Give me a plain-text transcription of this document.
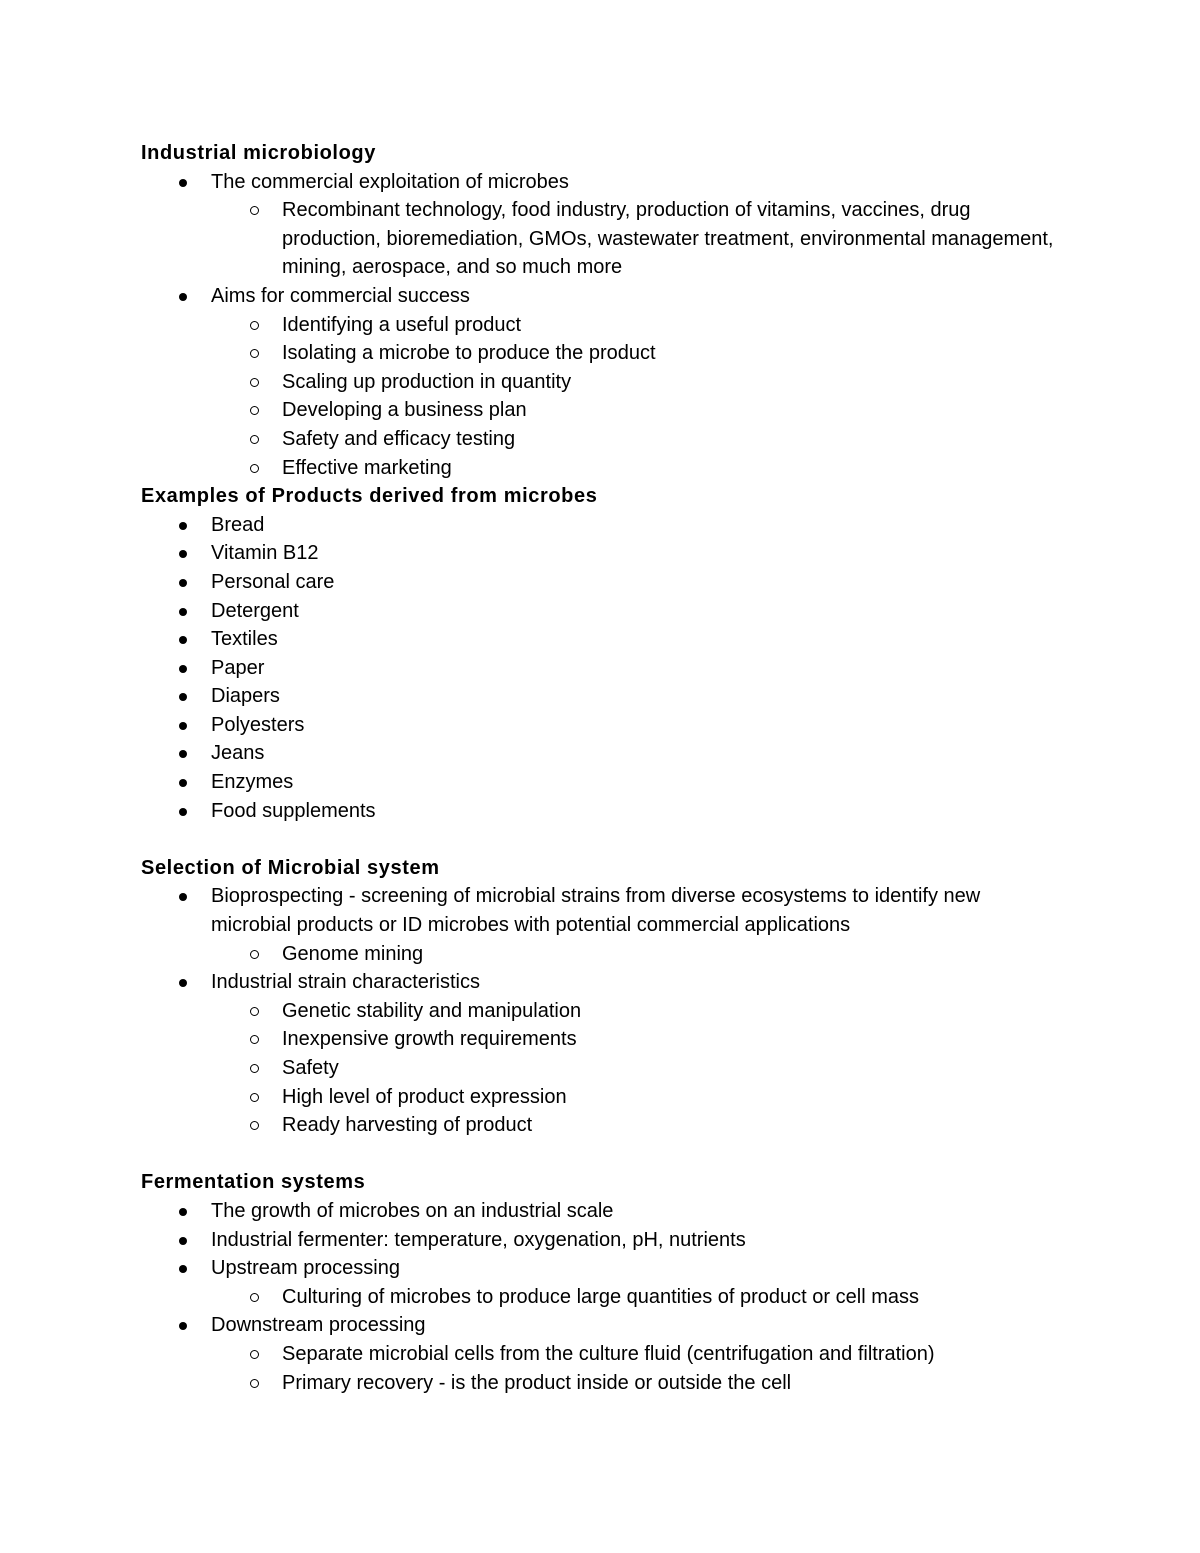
Industrial microbiology

The commercial exploitation of microbes
Recombinant technology, food industry, production of vitamins, vaccines, drug production, bioremediation, GMOs, wastewater treatment, environmental management, mining, aerospace, and so much more
Aims for commercial success
Identifying a useful product
Isolating a microbe to produce the product
Scaling up production in quantity
Developing a business plan
Safety and efficacy testing
Effective marketing

Examples of Products derived from microbes

Bread
Vitamin B12
Personal care
Detergent
Textiles
Paper
Diapers
Polyesters
Jeans
Enzymes
Food supplements

Selection of Microbial system

Bioprospecting - screening of microbial strains from diverse ecosystems to identify new microbial products or ID microbes with potential commercial applications
Genome mining
Industrial strain characteristics
Genetic stability and manipulation
Inexpensive growth requirements
Safety
High level of product expression
Ready harvesting of product

Fermentation systems

The growth of microbes on an industrial scale
Industrial fermenter: temperature, oxygenation, pH, nutrients
Upstream processing
Culturing of microbes to produce large quantities of product or cell mass
Downstream processing
Separate microbial cells from the culture fluid (centrifugation and filtration)
Primary recovery - is the product inside or outside the cell
